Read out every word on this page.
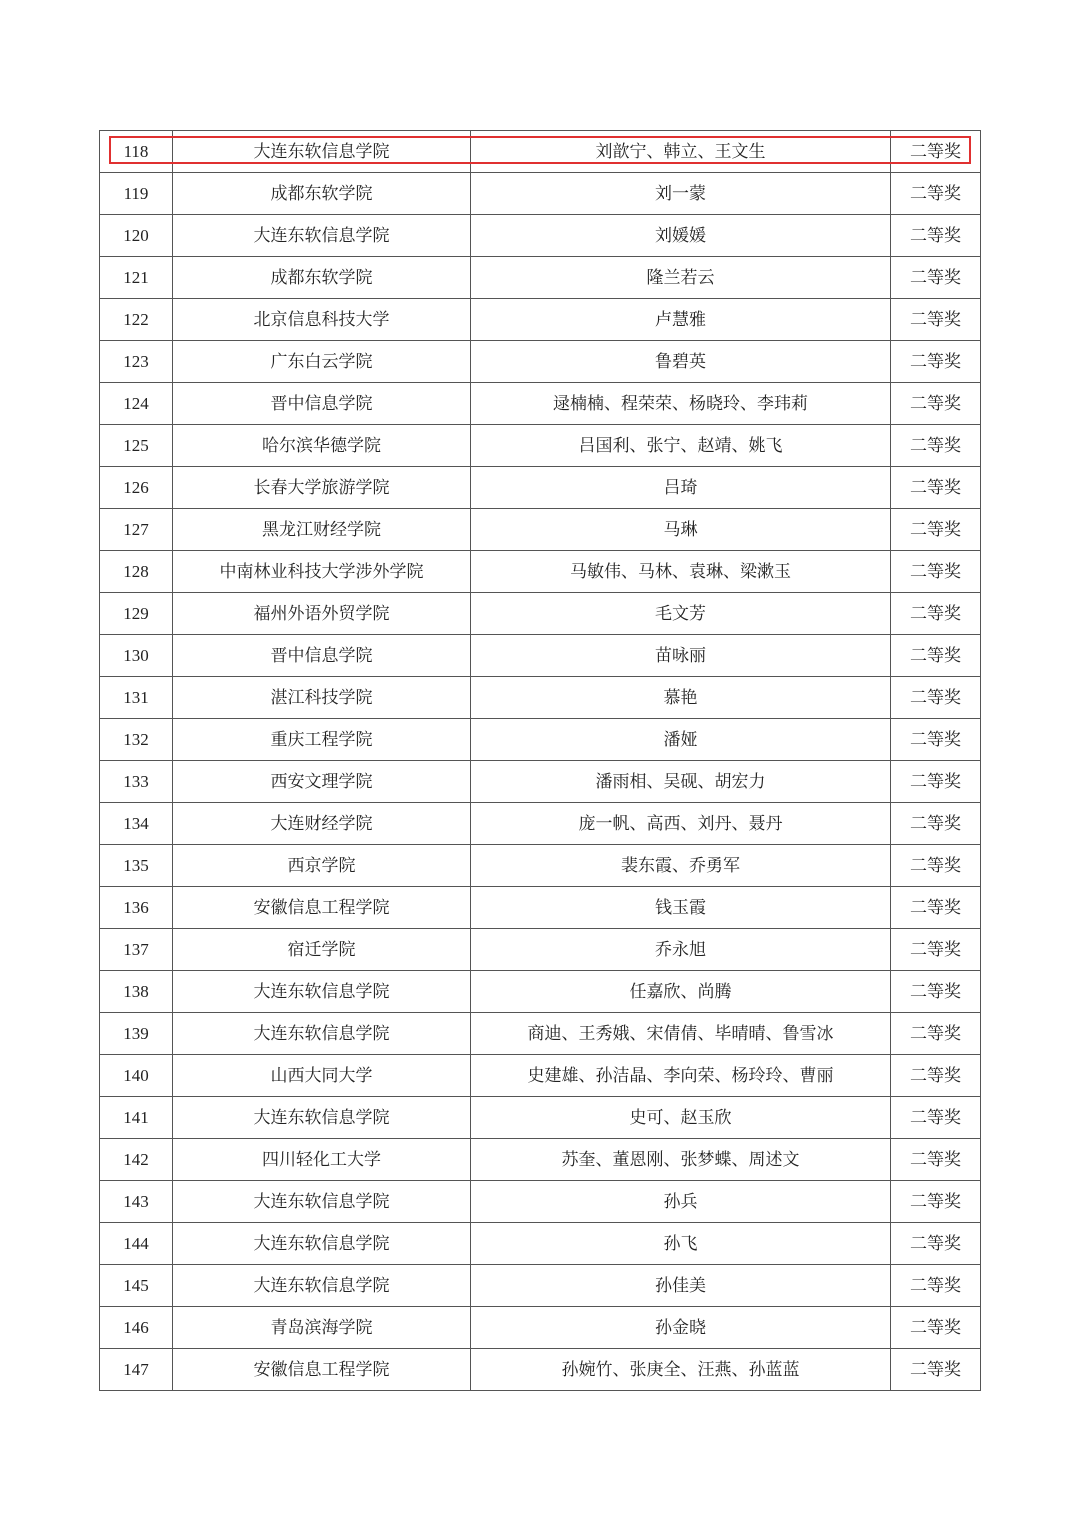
118	大连东软信息学院	刘歆宁、韩立、王文生	二等奖
119	成都东软学院	刘一蒙	二等奖
120	大连东软信息学院	刘媛媛	二等奖
121	成都东软学院	隆兰若云	二等奖
122	北京信息科技大学	卢慧雅	二等奖
123	广东白云学院	鲁碧英	二等奖
124	晋中信息学院	逯楠楠、程荣荣、杨晓玲、李玮莉	二等奖
125	哈尔滨华德学院	吕国利、张宁、赵靖、姚飞	二等奖
126	长春大学旅游学院	吕琦	二等奖
127	黑龙江财经学院	马琳	二等奖
128	中南林业科技大学涉外学院	马敏伟、马林、袁琳、梁漱玉	二等奖
129	福州外语外贸学院	毛文芳	二等奖
130	晋中信息学院	苗咏丽	二等奖
131	湛江科技学院	慕艳	二等奖
132	重庆工程学院	潘娅	二等奖
133	西安文理学院	潘雨相、吴砚、胡宏力	二等奖
134	大连财经学院	庞一帆、高西、刘丹、聂丹	二等奖
135	西京学院	裴东霞、乔勇军	二等奖
136	安徽信息工程学院	钱玉霞	二等奖
137	宿迁学院	乔永旭	二等奖
138	大连东软信息学院	任嘉欣、尚腾	二等奖
139	大连东软信息学院	商迪、王秀娥、宋倩倩、毕晴晴、鲁雪冰	二等奖
140	山西大同大学	史建雄、孙洁晶、李向荣、杨玲玲、曹丽	二等奖
141	大连东软信息学院	史可、赵玉欣	二等奖
142	四川轻化工大学	苏奎、董恩刚、张梦蝶、周述文	二等奖
143	大连东软信息学院	孙兵	二等奖
144	大连东软信息学院	孙飞	二等奖
145	大连东软信息学院	孙佳美	二等奖
146	青岛滨海学院	孙金晓	二等奖
147	安徽信息工程学院	孙婉竹、张庚全、汪燕、孙蓝蓝	二等奖
